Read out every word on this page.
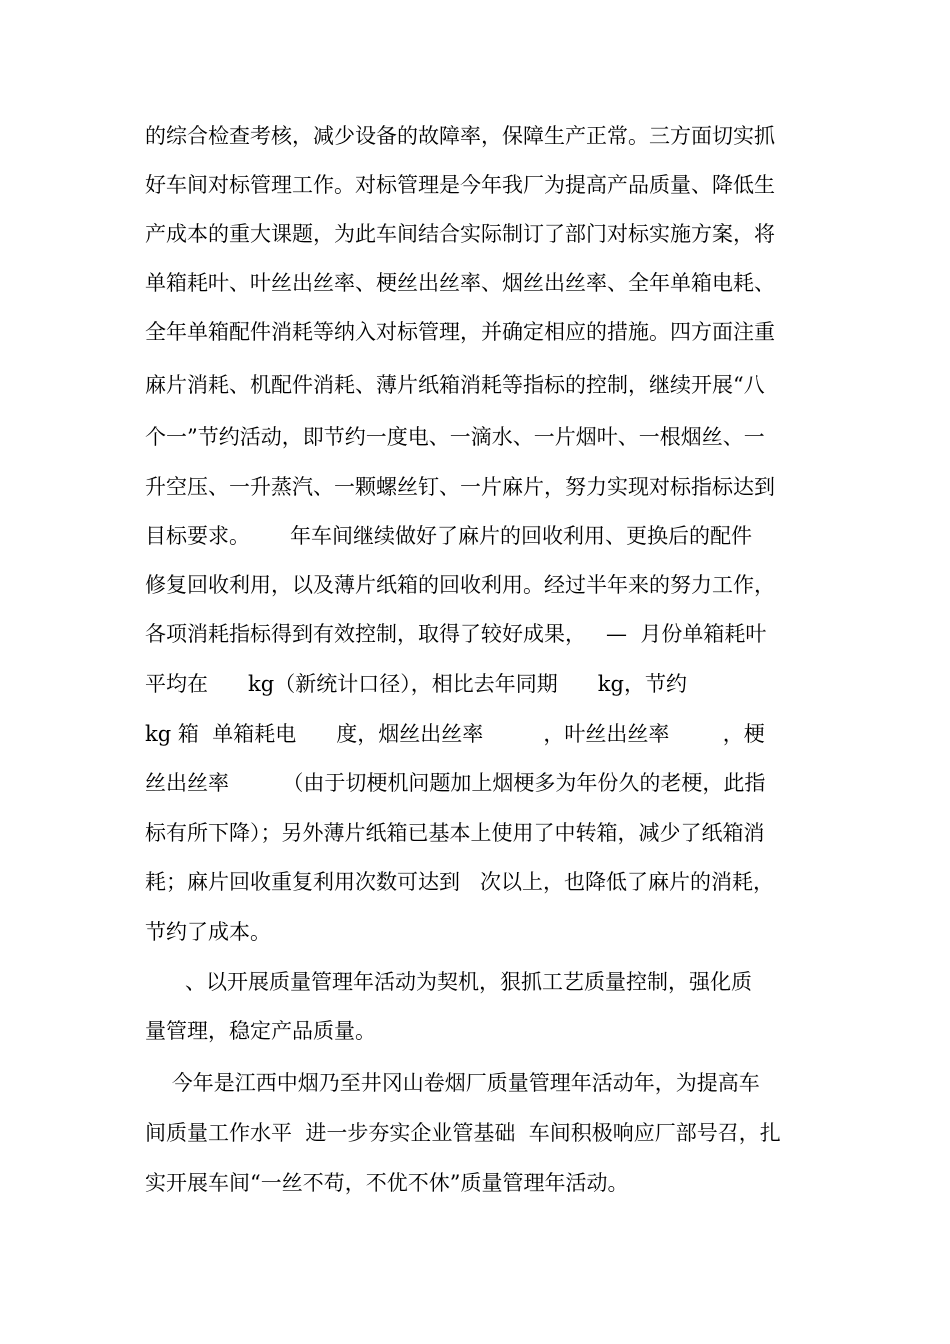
的综合检查考核，减少设备的故障率，保障生产正常。三方面切实抓
好车间对标管理工作。对标管理是今年我厂为提高产品质量、降低生
产成本的重大课题，为此车间结合实际制订了部门对标实施方案，将
单箱耗叶、叶丝出丝率、梗丝出丝率、烟丝出丝率、全年单箱电耗、
全年单箱配件消耗等纳入对标管理，并确定相应的措施。四方面注重
麻片消耗、机配件消耗、薄片纸箱消耗等指标的控制，继续开展“八
个一”节约活动，即节约一度电、一滴水、一片烟叶、一根烟丝、一
升空压、一升蒸汽、一颗螺丝钉、一片麻片，努力实现对标指标达到
目标要求。      年车间继续做好了麻片的回收利用、更换后的配件
修复回收利用，以及薄片纸箱的回收利用。经过半年来的努力工作，
各项消耗指标得到有效控制，取得了较好成果，   —  月份单箱耗叶
平均在      kg（新统计口径），相比去年同期      kg，节约
kg 箱  单箱耗电      度，烟丝出丝率         ，叶丝出丝率        ，梗
丝出丝率        （由于切梗机问题加上烟梗多为年份久的老梗，此指
标有所下降）；另外薄片纸箱已基本上使用了中转箱，减少了纸箱消
耗；麻片回收重复利用次数可达到   次以上，也降低了麻片的消耗，
节约了成本。
、以开展质量管理年活动为契机，狠抓工艺质量控制，强化质
量管理，稳定产品质量。
今年是江西中烟乃至井冈山卷烟厂质量管理年活动年，为提高车
间质量工作水平  进一步夯实企业管基础  车间积极响应厂部号召，扎
实开展车间“一丝不苟，不优不休”质量管理年活动。
